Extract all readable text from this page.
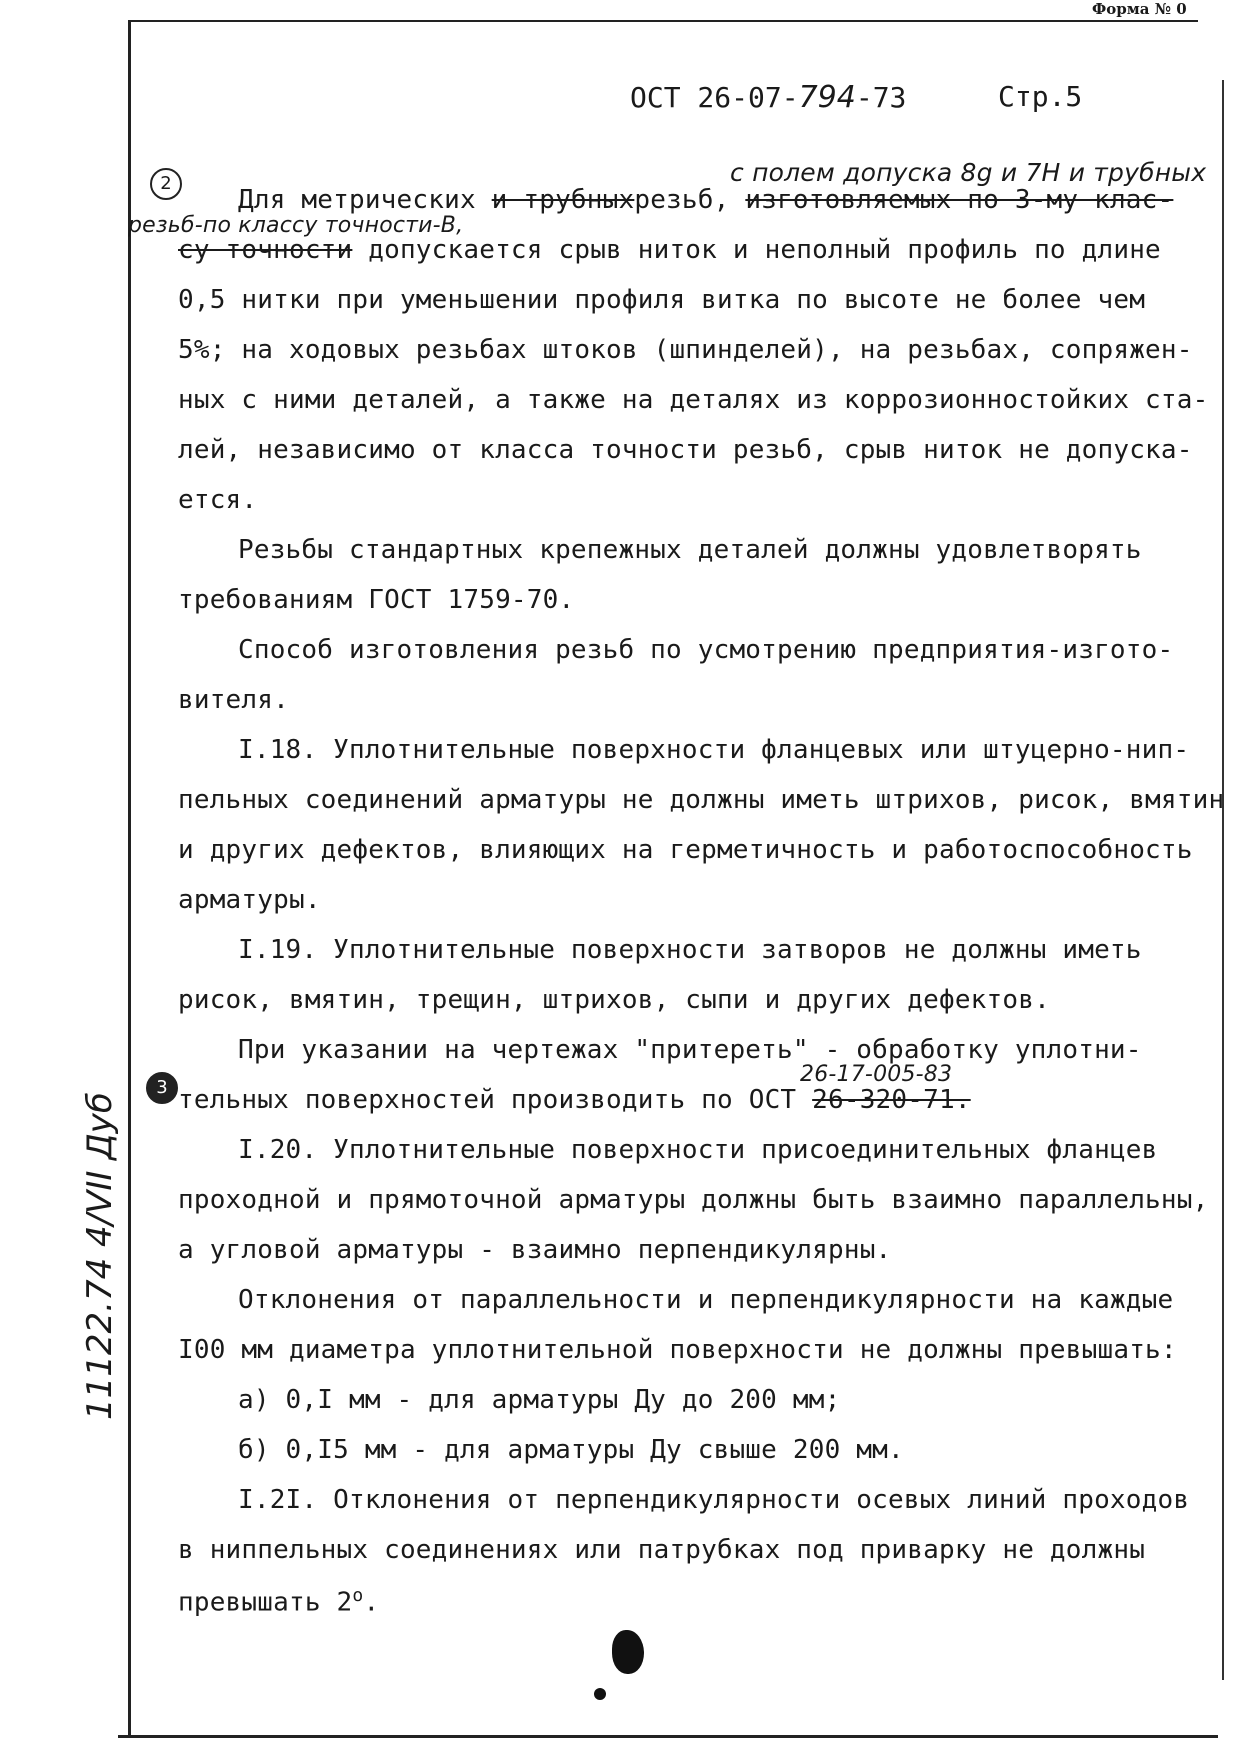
Форма № 0
ОСТ 26-07-794-73	Стр.5
2	с полем допуска 8g и 7Н и трубных
Для метрических и трубныхрезьб, изготовляемых по 3-му клас-
резьб-по классу точности-В,
су точности допускается срыв ниток и неполный профиль по длине
0,5 нитки при уменьшении профиля витка по высоте не более чем
5%; на ходовых резьбах штоков (шпинделей), на резьбах, сопряжен-
ных с ними деталей, а также на деталях из коррозионностойких ста-
лей, независимо от класса точности резьб, срыв ниток не допуска-
ется.
Резьбы стандартных крепежных деталей должны удовлетворять
требованиям ГОСТ 1759-70.
Способ изготовления резьб по усмотрению предприятия-изгото-
вителя.
I.18. Уплотнительные поверхности фланцевых или штуцерно-нип-
пельных соединений арматуры не должны иметь штрихов, рисок, вмятин
и других дефектов, влияющих на герметичность и работоспособность
арматуры.
I.19. Уплотнительные поверхности затворов не должны иметь
рисок, вмятин, трещин, штрихов, сыпи и других дефектов.
При указании на чертежах "притереть" - обработку уплотни-
26-17-005-83
3 тельных поверхностей производить по ОСТ 26-320-71.
I.20. Уплотнительные поверхности присоединительных фланцев
проходной и прямоточной арматуры должны быть взаимно параллельны,
а угловой арматуры - взаимно перпендикулярны.
Отклонения от параллельности и перпендикулярности на каждые
I00 мм диаметра уплотнительной поверхности не должны превышать:
а) 0,I мм - для арматуры Ду до 200 мм;
б) 0,I5 мм - для арматуры Ду свыше 200 мм.
I.2I. Отклонения от перпендикулярности осевых линий проходов
в ниппельных соединениях или патрубках под приварку не должны
превышать $2^о$.
11122.74 4/VII Дуб
